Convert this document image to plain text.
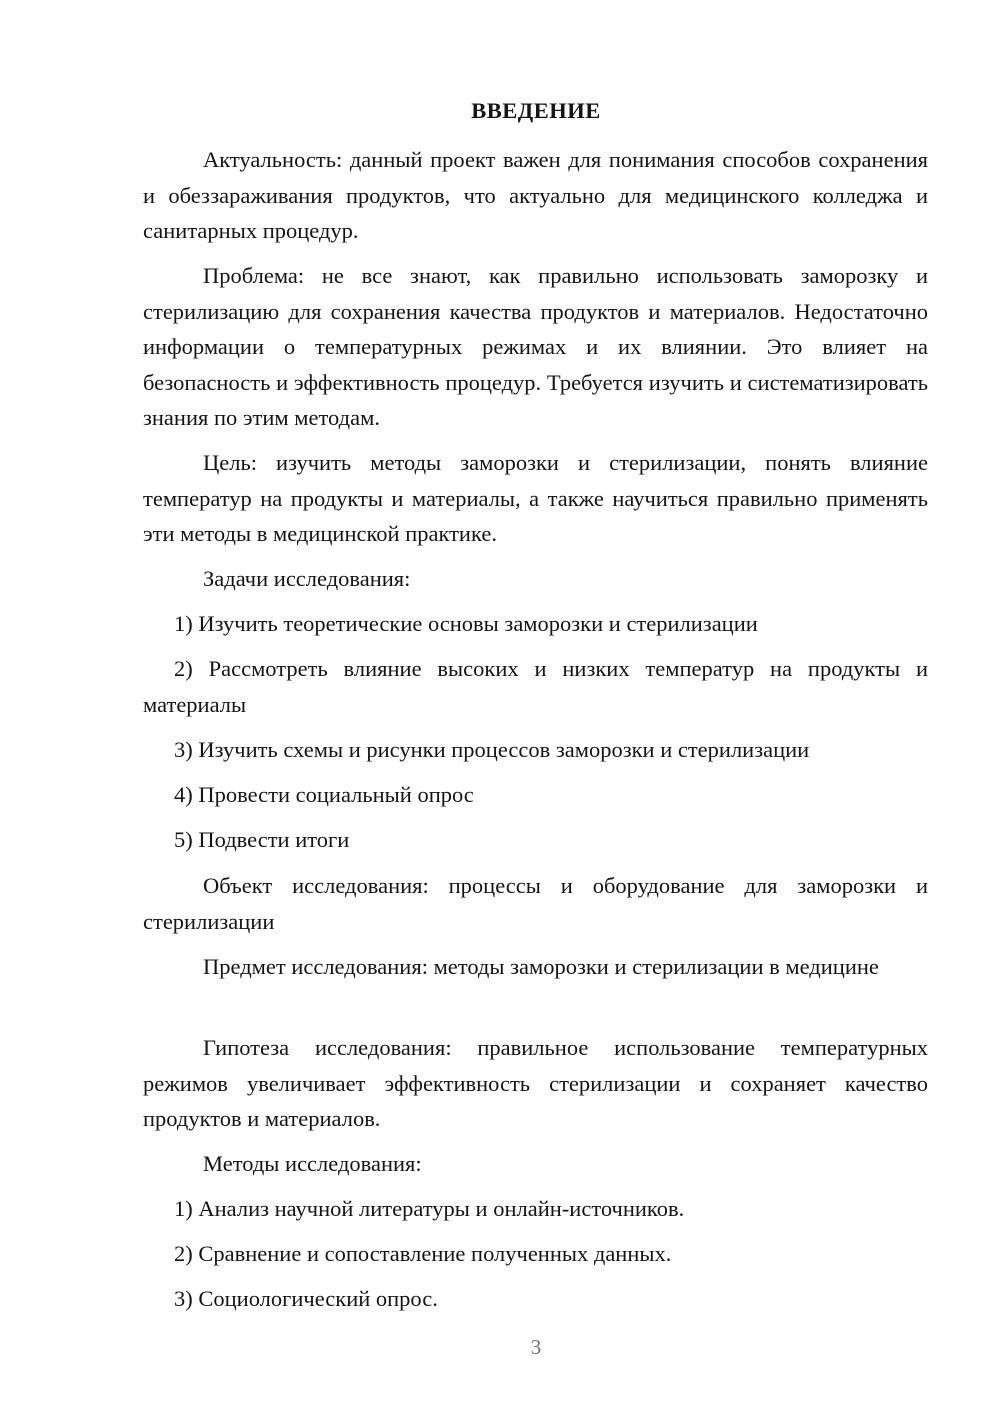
ВВЕДЕНИЕ

Актуальность: данный проект важен для понимания способов сохранения и обеззараживания продуктов, что актуально для медицинского колледжа и санитарных процедур.

Проблема: не все знают, как правильно использовать заморозку и стерилизацию для сохранения качества продуктов и материалов. Недостаточно информации о температурных режимах и их влиянии. Это влияет на безопасность и эффективность процедур. Требуется изучить и систематизировать знания по этим методам.

Цель: изучить методы заморозки и стерилизации, понять влияние температур на продукты и материалы, а также научиться правильно применять эти методы в медицинской практике.

Задачи исследования:

1) Изучить теоретические основы заморозки и стерилизации

2) Рассмотреть влияние высоких и низких температур на продукты и материалы

3) Изучить схемы и рисунки процессов заморозки и стерилизации

4) Провести социальный опрос

5) Подвести итоги

Объект исследования: процессы и оборудование для заморозки и стерилизации

Предмет исследования: методы заморозки и стерилизации в медицине

Гипотеза исследования: правильное использование температурных режимов увеличивает эффективность стерилизации и сохраняет качество продуктов и материалов.

Методы исследования:

1) Анализ научной литературы и онлайн-источников.

2) Сравнение и сопоставление полученных данных.

3) Социологический опрос.

3
